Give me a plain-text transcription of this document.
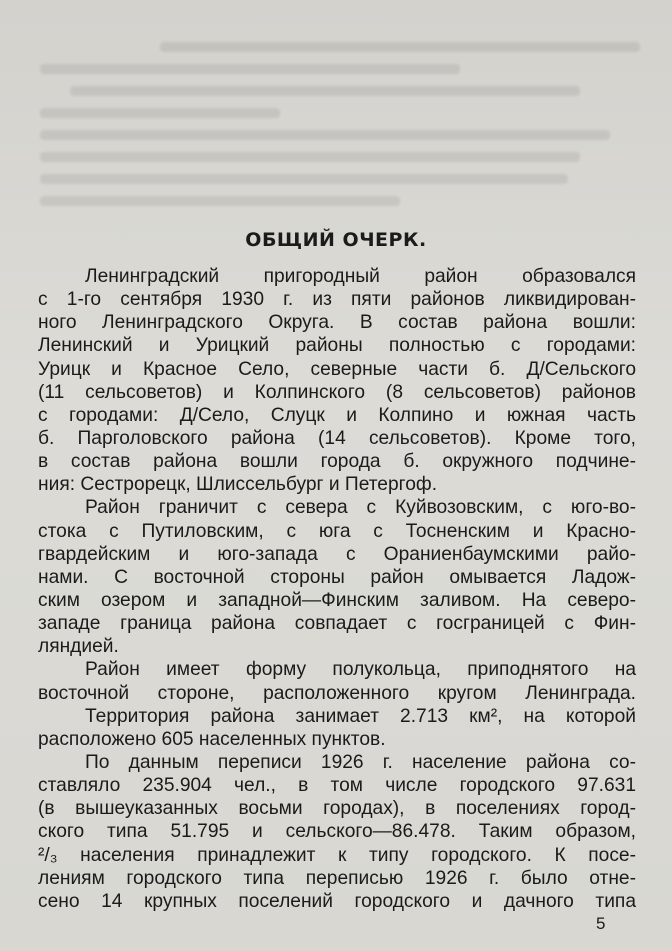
ОБЩИЙ ОЧЕРК.
Ленинградский пригородный район образовался
с 1-го сентября 1930 г. из пяти районов ликвидирован-
ного Ленинградского Округа. В состав района вошли:
Ленинский и Урицкий районы полностью с городами:
Урицк и Красное Село, северные части б. Д/Сельского
(11 сельсоветов) и Колпинского (8 сельсоветов) районов
с городами: Д/Село, Слуцк и Колпино и южная часть
б. Парголовского района (14 сельсоветов). Кроме того,
в состав района вошли города б. окружного подчине-
ния: Сестрорецк, Шлиссельбург и Петергоф.
Район граничит с севера с Куйвозовским, с юго-во-
стока с Путиловским, с юга с Тосненским и Красно-
гвардейским и юго-запада с Ораниенбаумскими райо-
нами. С восточной стороны район омывается Ладож-
ским озером и западной—Финским заливом. На северо-
западе граница района совпадает с госграницей с Фин-
ляндией.
Район имеет форму полукольца, приподнятого на
восточной стороне, расположенного кругом Ленинграда.
Территория района занимает 2.713 км², на которой
расположено 605 населенных пунктов.
По данным переписи 1926 г. население района со-
ставляло 235.904 чел., в том числе городского 97.631
(в вышеуказанных восьми городах), в поселениях город-
ского типа 51.795 и сельского—86.478. Таким образом,
²/₃ населения принадлежит к типу городского. К посе-
лениям городского типа переписью 1926 г. было отне-
сено 14 крупных поселений городского и дачного типа
5
